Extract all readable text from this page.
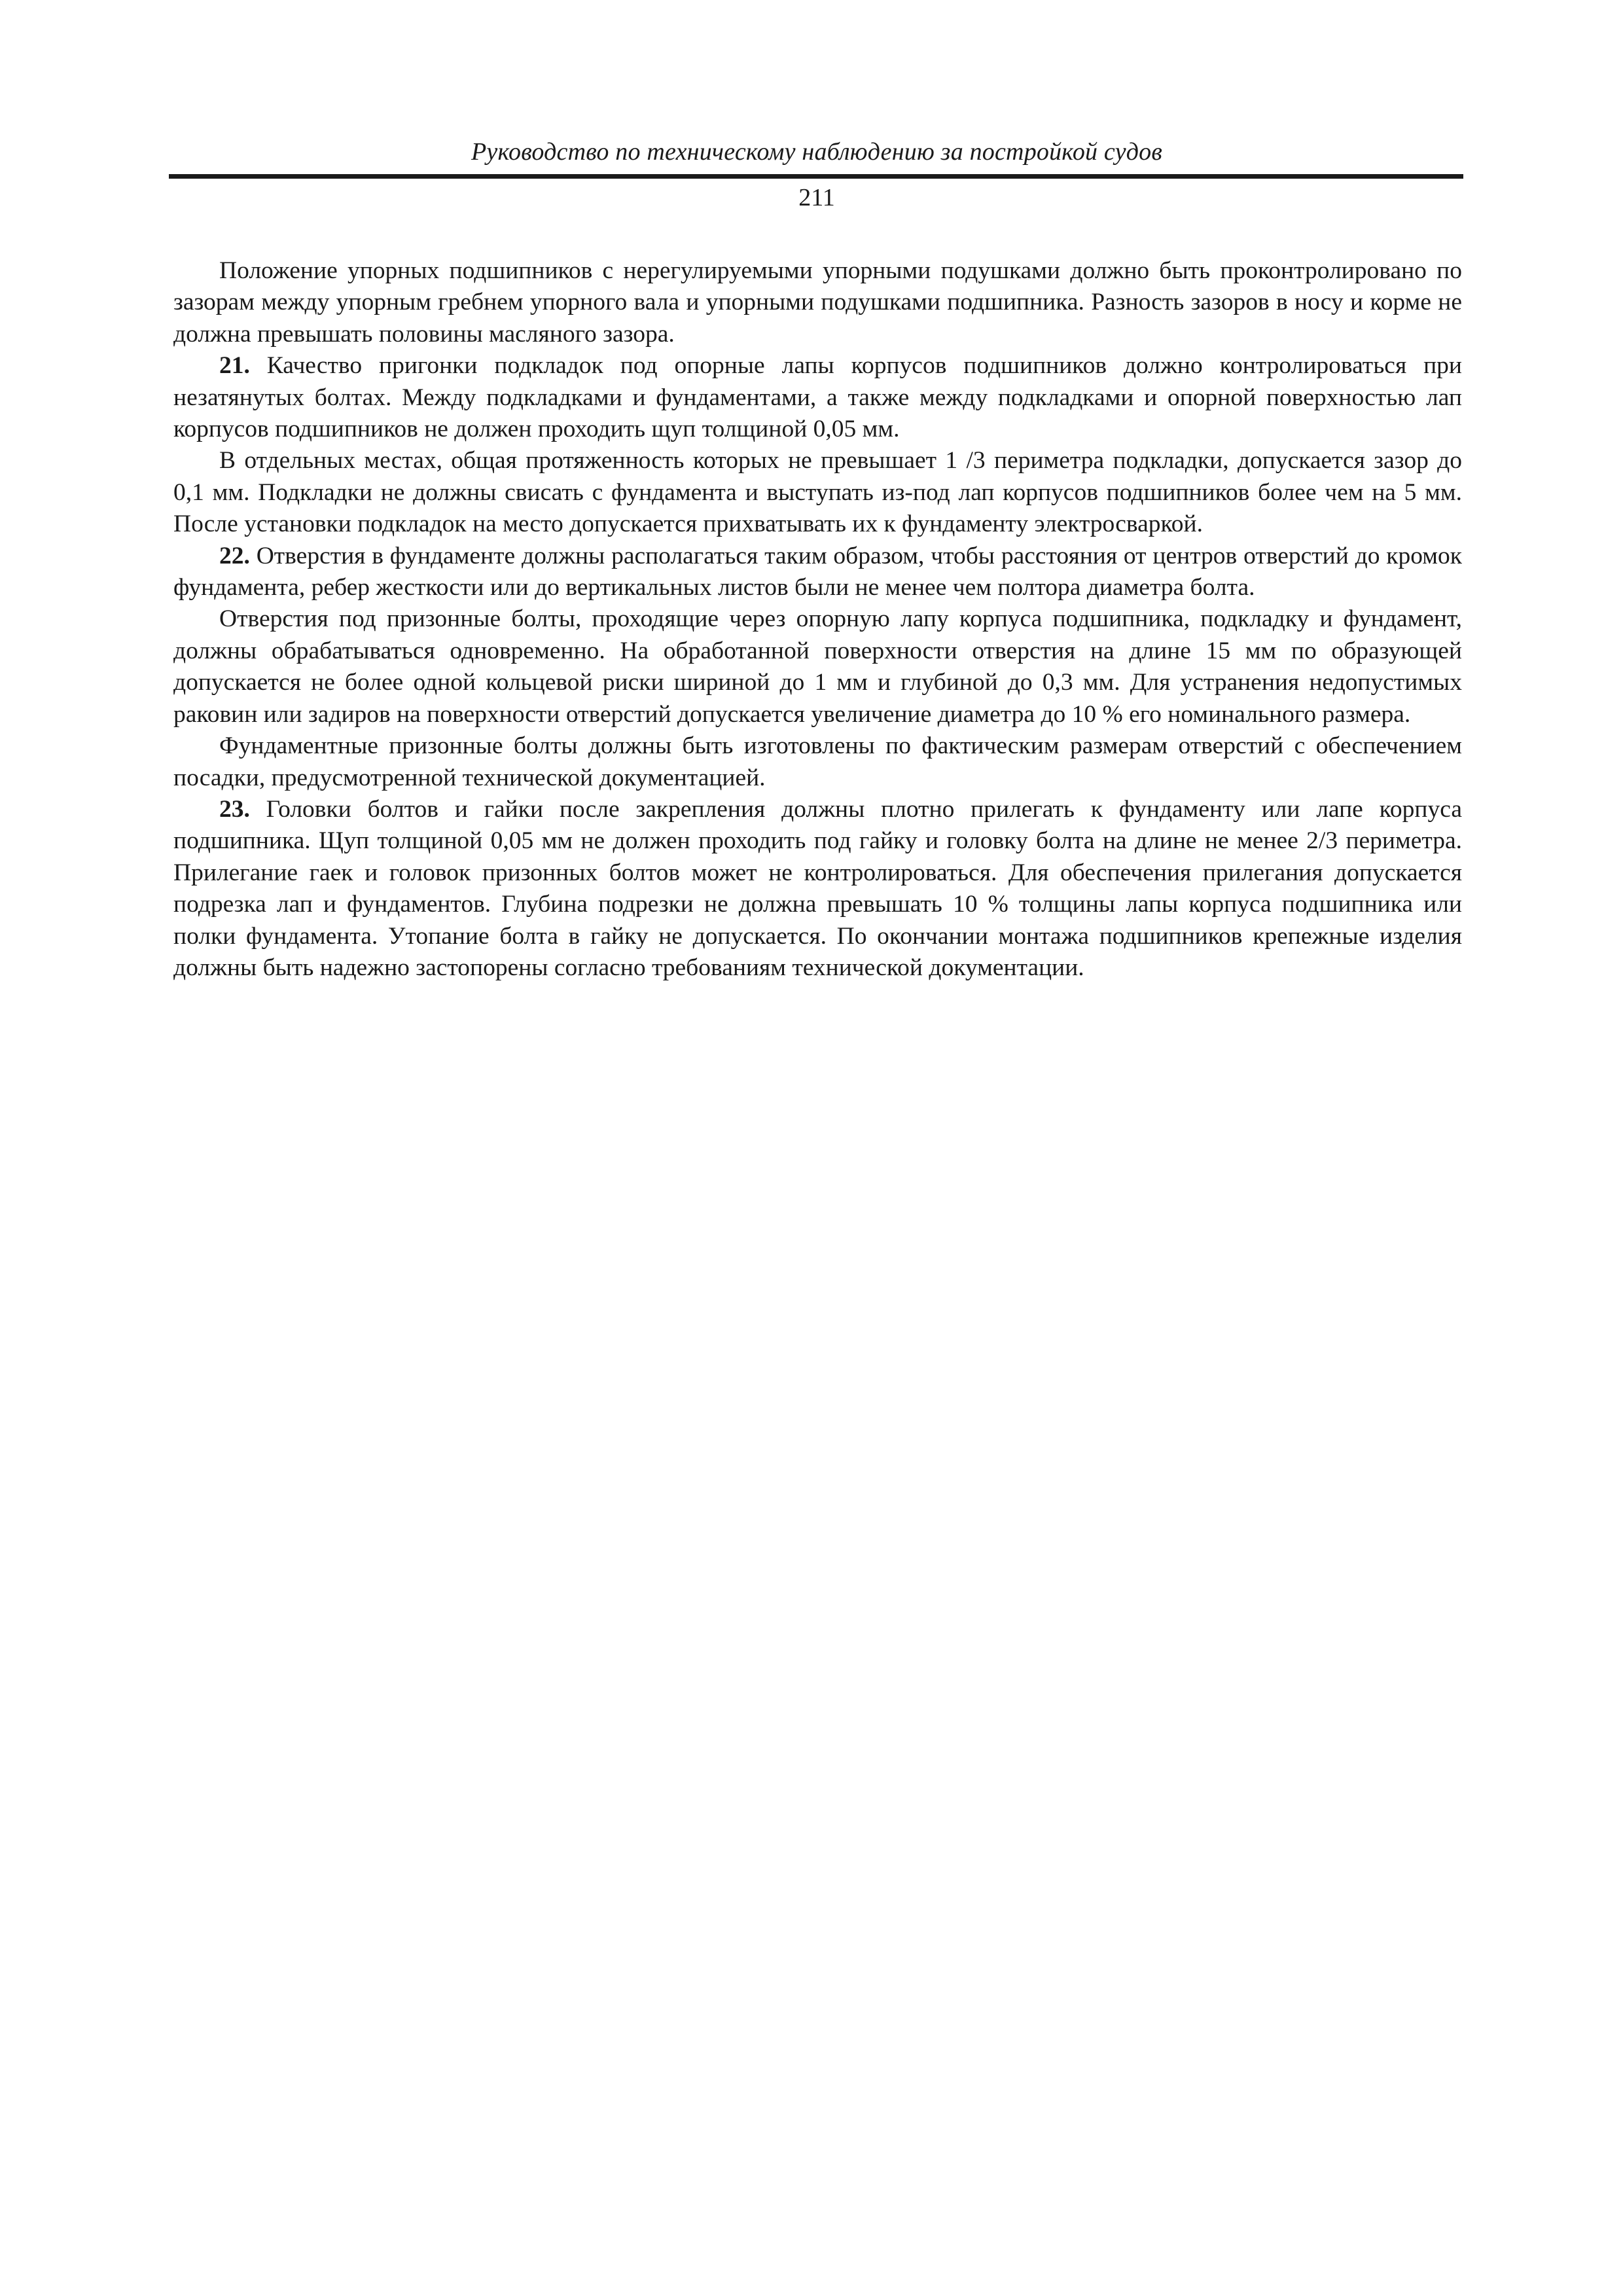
Руководство по техническому наблюдению за постройкой судов
211

Положение упорных подшипников с нерегулируемыми упорными подушками должно быть проконтролировано по зазорам между упорным гребнем упорного вала и упорными подушками подшипника. Разность зазоров в носу и корме не должна превышать половины масляного зазора.

21. Качество пригонки подкладок под опорные лапы корпусов подшипников должно контролироваться при незатянутых болтах. Между подкладками и фундаментами, а также между подкладками и опорной поверхностью лап корпусов подшипников не должен проходить щуп толщиной 0,05 мм.

В отдельных местах, общая протяженность которых не превышает 1 /3 периметра подкладки, допускается зазор до 0,1 мм. Подкладки не должны свисать с фундамента и выступать из-под лап корпусов подшипников более чем на 5 мм. После установки подкладок на место допускается прихватывать их к фундаменту электросваркой.

22. Отверстия в фундаменте должны располагаться таким образом, чтобы расстояния от центров отверстий до кромок фундамента, ребер жесткости или до вертикальных листов были не менее чем полтора диаметра болта.

Отверстия под призонные болты, проходящие через опорную лапу корпуса подшипника, подкладку и фундамент, должны обрабатываться одновременно. На обработанной поверхности отверстия на длине 15 мм по образующей допускается не более одной кольцевой риски шириной до 1 мм и глубиной до 0,3 мм. Для устранения недопустимых раковин или задиров на поверхности отверстий допускается увеличение диаметра до 10 % его номинального размера.

Фундаментные призонные болты должны быть изготовлены по фактическим размерам отверстий с обеспечением посадки, предусмотренной технической документацией.

23. Головки болтов и гайки после закрепления должны плотно прилегать к фундаменту или лапе корпуса подшипника. Щуп толщиной 0,05 мм не должен проходить под гайку и головку болта на длине не менее 2/3 периметра. Прилегание гаек и головок призонных болтов может не контролироваться. Для обеспечения прилегания допускается подрезка лап и фундаментов. Глубина подрезки не должна превышать 10 % толщины лапы корпуса подшипника или полки фундамента. Утопание болта в гайку не допускается. По окончании монтажа подшипников крепежные изделия должны быть надежно застопорены согласно требованиям технической документации.
